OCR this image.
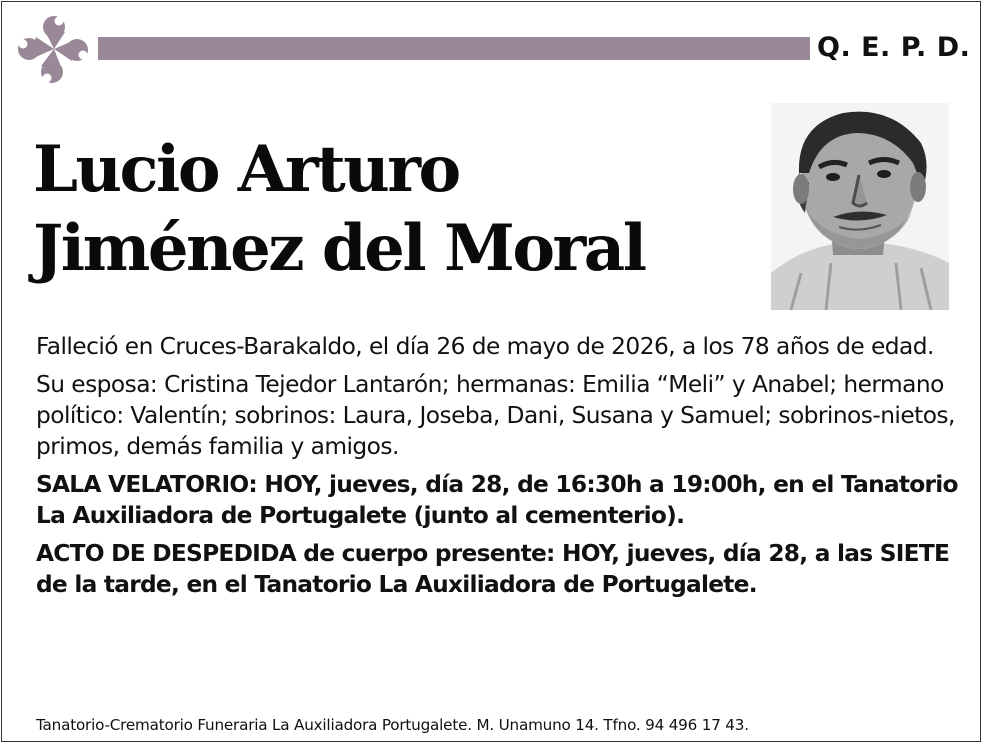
Q. E. P. D.
Lucio Arturo
Jiménez del Moral

Falleció en Cruces-Barakaldo, el día 26 de mayo de 2026, a los 78 años de edad.

Su esposa: Cristina Tejedor Lantarón; hermanas: Emilia “Meli” y Anabel; hermano político: Valentín; sobrinos: Laura, Joseba, Dani, Susana y Samuel; sobrinos-nietos, primos, demás familia y amigos.

SALA VELATORIO: HOY, jueves, día 28, de 16:30h a 19:00h, en el Tanatorio La Auxiliadora de Portugalete (junto al cementerio).

ACTO DE DESPEDIDA de cuerpo presente: HOY, jueves, día 28, a las SIETE de la tarde, en el Tanatorio La Auxiliadora de Portugalete.

Tanatorio-Crematorio Funeraria La Auxiliadora Portugalete. M. Unamuno 14. Tfno. 94 496 17 43.
